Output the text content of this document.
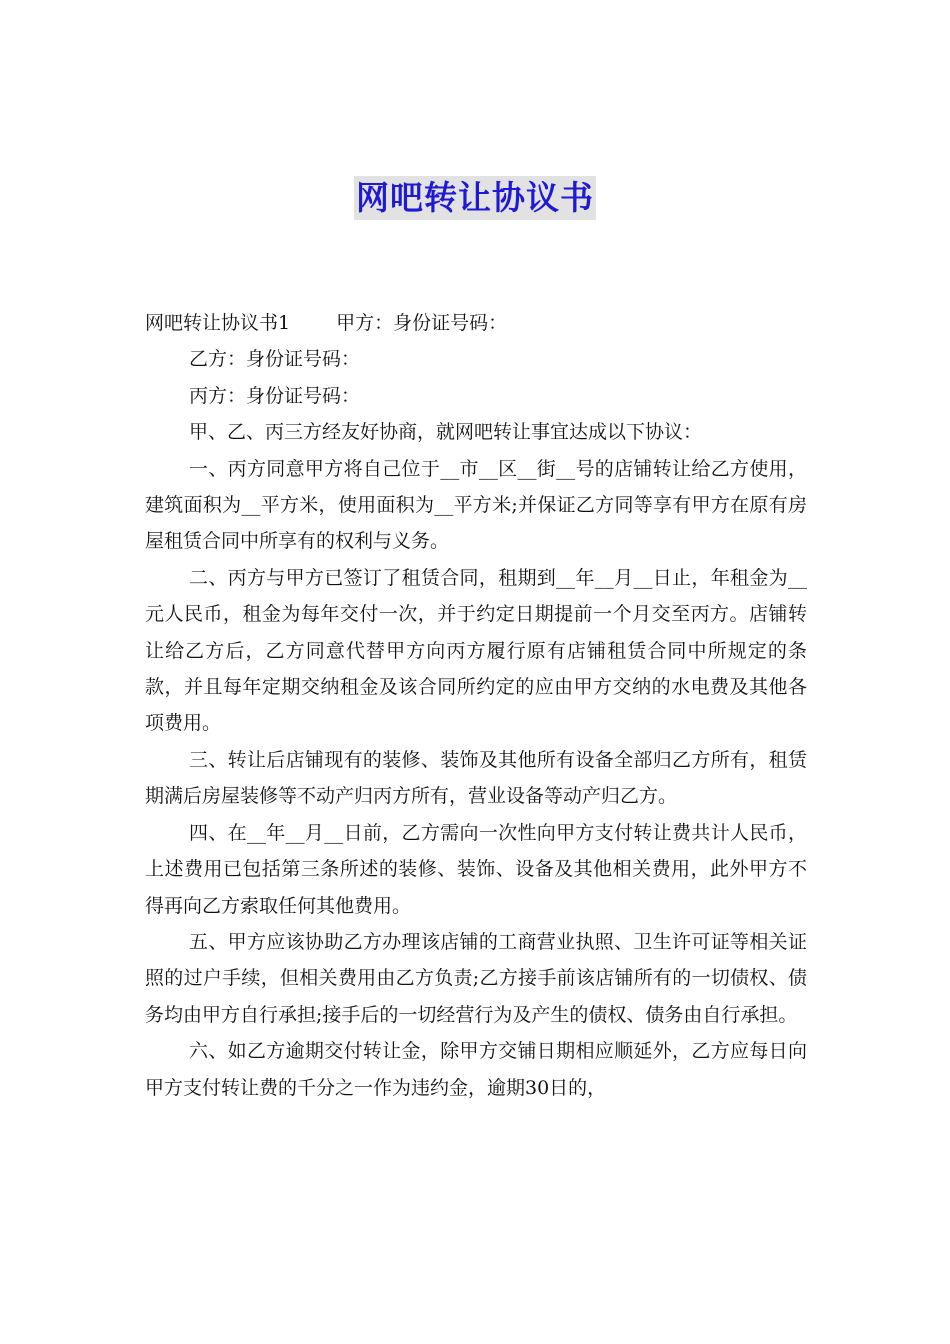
网吧转让协议书

网吧转让协议书1 甲方：身份证号码：

乙方：身份证号码：

丙方：身份证号码：

甲、乙、丙三方经友好协商，就网吧转让事宜达成以下协议：

一、丙方同意甲方将自己位于__市__区__街__号的店铺转让给乙方使用，建筑面积为__平方米，使用面积为__平方米;并保证乙方同等享有甲方在原有房屋租赁合同中所享有的权利与义务。

二、丙方与甲方已签订了租赁合同，租期到__年__月__日止，年租金为__元人民币，租金为每年交付一次，并于约定日期提前一个月交至丙方。店铺转让给乙方后，乙方同意代替甲方向丙方履行原有店铺租赁合同中所规定的条款，并且每年定期交纳租金及该合同所约定的应由甲方交纳的水电费及其他各项费用。

三、转让后店铺现有的装修、装饰及其他所有设备全部归乙方所有，租赁期满后房屋装修等不动产归丙方所有，营业设备等动产归乙方。

四、在__年__月__日前，乙方需向一次性向甲方支付转让费共计人民币，上述费用已包括第三条所述的装修、装饰、设备及其他相关费用，此外甲方不得再向乙方索取任何其他费用。

五、甲方应该协助乙方办理该店铺的工商营业执照、卫生许可证等相关证照的过户手续，但相关费用由乙方负责;乙方接手前该店铺所有的一切债权、债务均由甲方自行承担;接手后的一切经营行为及产生的债权、债务由自行承担。

六、如乙方逾期交付转让金，除甲方交铺日期相应顺延外，乙方应每日向甲方支付转让费的千分之一作为违约金，逾期30日的，
